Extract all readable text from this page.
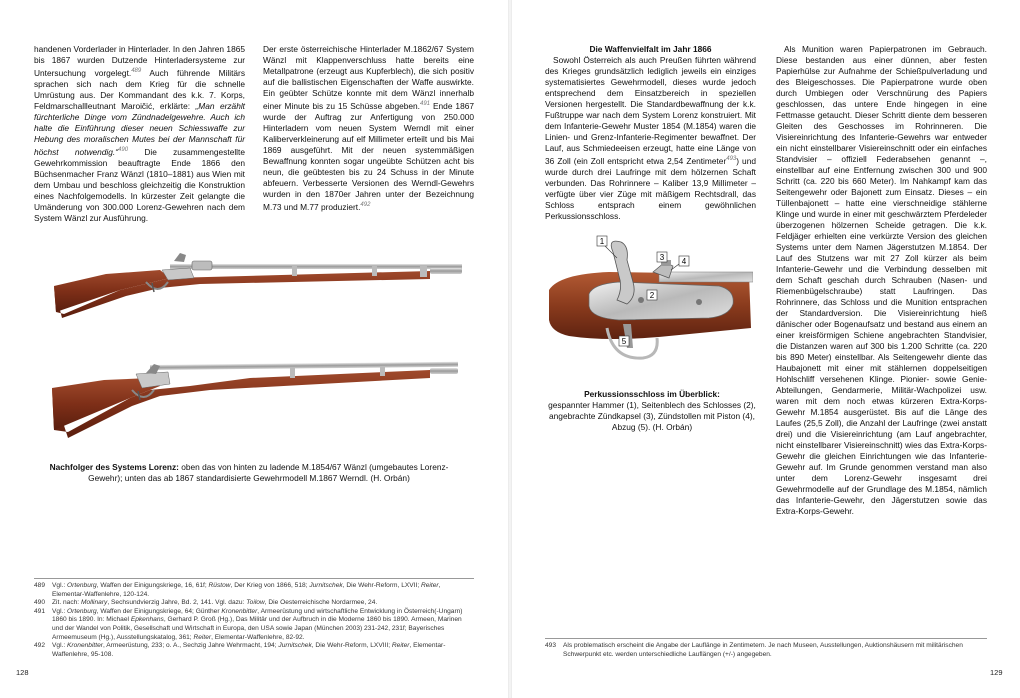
handenen Vorderlader in Hinterlader. In den Jahren 1865 bis 1867 wurden Dutzende Hinterladersysteme zur Untersuchung vorgelegt.$^{489}$ Auch führende Militärs sprachen sich nach dem Krieg für die schnelle Umrüstung aus. Der Kommandant des k.k. 7. Korps, Feldmarschallleutnant Maroičić, erklärte: „Man erzählt fürchterliche Dinge vom Zündnadelgewehre. Auch ich halte die Einführung dieser neuen Schiesswaffe zur Hebung des moralischen Mutes bei der Mannschaft für höchst notwendig.“$^{490}$ Die zusammengestellte Gewehrkommission beauftragte Ende 1866 den Büchsenmacher Franz Wänzl (1810–1881) aus Wien mit dem Umbau und beschloss gleichzeitig die Konstruktion eines Nachfolgemodells. In kürzester Zeit gelangte die Umänderung von 300.000 Lorenz-Gewehren nach dem System Wänzl zur Ausführung.

Der erste österreichische Hinterlader M.1862/67 System Wänzl mit Klappenverschluss hatte bereits eine Metallpatrone (erzeugt aus Kupferblech), die sich positiv auf die ballistischen Eigenschaften der Waffe auswirkte. Ein geübter Schütze konnte mit dem Wänzl innerhalb einer Minute bis zu 15 Schüsse abgeben.$^{491}$ Ende 1867 wurde der Auftrag zur Anfertigung von 250.000 Hinterladern vom neuen System Werndl mit einer Kaliberverkleinerung auf elf Millimeter erteilt und bis Mai 1869 ausgeführt. Mit der neuen systemmäßigen Bewaffnung konnten sogar ungeübte Schützen acht bis neun, die geübtesten bis zu 24 Schuss in der Minute abfeuern. Verbesserte Versionen des Werndl-Gewehrs wurden in den 1870er Jahren unter der Bezeichnung M.73 und M.77 produziert.$^{492}$

Nachfolger des Systems Lorenz: oben das von hinten zu ladende M.1854/67 Wänzl (umgebautes Lorenz-Gewehr); unten das ab 1867 standardisierte Gewehrmodell M.1867 Werndl. (H. Orbán)
489 Vgl.: Ortenburg, Waffen der Einigungskriege, 16, 61f; Rüstow, Der Krieg von 1866, 518; Jurnitschek, Die Wehr-Reform, LXVII; Reiter, Elementar-Waffenlehre, 120-124.
490 Zit. nach: Mollinary, Sechsundvierzig Jahre, Bd. 2, 141. Vgl. dazu: Toilow, Die Oesterreichische Nordarmee, 24.
491 Vgl.: Ortenburg, Waffen der Einigungskriege, 64; Günther Kronenbitter, Armeerüstung und wirtschaftliche Entwicklung in Österreich(-Ungarn) 1860 bis 1890. In: Michael Epkenhans, Gerhard P. Groß (Hg.), Das Militär und der Aufbruch in die Moderne 1860 bis 1890. Armeen, Marinen und der Wandel von Politik, Gesellschaft und Wirtschaft in Europa, den USA sowie Japan (München 2003) 231-242, 231f; Bayerisches Armeemuseum (Hg.), Ausstellungskatalog, 361; Reiter, Elementar-Waffenlehre, 82-92.
492 Vgl.: Kronenbitter, Armeerüstung, 233; o. A., Sechzig Jahre Wehrmacht, 194; Jurnitschek, Die Wehr-Reform, LXVIII; Reiter, Elementar-Waffenlehre, 95-108.
128
Die Waffenvielfalt im Jahr 1866

Sowohl Österreich als auch Preußen führten während des Krieges grundsätzlich lediglich jeweils ein einziges systematisiertes Gewehrmodell, dieses wurde jedoch entsprechend dem Einsatzbereich in speziellen Versionen hergestellt. Die Standardbewaffnung der k.k. Fußtruppe war nach dem System Lorenz konstruiert. Mit dem Infanterie-Gewehr Muster 1854 (M.1854) waren die Linien- und Grenz-Infanterie-Regimenter bewaffnet. Der Lauf, aus Schmiedeeisen erzeugt, hatte eine Länge von 36 Zoll (ein Zoll entspricht etwa 2,54 Zentimeter$^{493}$) und wurde durch drei Laufringe mit dem hölzernen Schaft verbunden. Das Rohrinnere – Kaliber 13,9 Millimeter – verfügte über vier Züge mit mäßigem Rechtsdrall, das Schloss entsprach einem gewöhnlichen Perkussionsschloss.

1
2
3 4
5
Perkussionsschloss im Überblick:
gespannter Hammer (1), Seitenblech des Schlosses (2), angebrachte Zündkapsel (3), Zündstollen mit Piston (4), Abzug (5). (H. Orbán)

Als Munition waren Papierpatronen im Gebrauch. Diese bestanden aus einer dünnen, aber festen Papierhülse zur Aufnahme der Schießpulverladung und des Bleigeschosses. Die Papierpatrone wurde oben durch Umbiegen oder Verschnürung des Papiers geschlossen, das untere Ende hingegen in eine Fettmasse getaucht. Dieser Schritt diente dem besseren Gleiten des Geschosses im Rohrinneren. Die Visiereinrichtung des Infanterie-Gewehrs war entweder ein nicht einstellbarer Visiereinschnitt oder ein einfaches Standvisier – offiziell Federabsehen genannt –, einstellbar auf eine Entfernung zwischen 300 und 900 Schritt (ca. 220 bis 660 Meter). Im Nahkampf kam das Seitengewehr oder Bajonett zum Einsatz. Dieses – ein Tüllenbajonett – hatte eine vierschneidige stählerne Klinge und wurde in einer mit geschwärztem Pferdeleder überzogenen hölzernen Scheide getragen. Die k.k. Feldjäger erhielten eine verkürzte Version des gleichen Systems unter dem Namen Jägerstutzen M.1854. Der Lauf des Stutzens war mit 27 Zoll kürzer als beim Infanterie-Gewehr und die Verbindung desselben mit dem Schaft geschah durch Schrauben (Nasen- und Riemenbügelschraube) statt Laufringen. Das Rohrinnere, das Schloss und die Munition entsprachen der Standardversion. Die Visiereinrichtung hieß dänischer oder Bogenaufsatz und bestand aus einem an einer kreisförmigen Schiene angebrachten Standvisier, die Distanzen waren auf 300 bis 1.200 Schritte (ca. 220 bis 890 Meter) einstellbar. Als Seitengewehr diente das Haubajonett mit einer mit stählernen doppelseitigen Hohlschliff versehenen Klinge. Pionier- sowie Genie-Abteilungen, Gendarmerie, Militär-Wachpolizei usw. waren mit dem noch etwas kürzeren Extra-Korps-Gewehr M.1854 ausgerüstet. Bis auf die Länge des Laufes (25,5 Zoll), die Anzahl der Laufringe (zwei anstatt drei) und die Visiereinrichtung (am Lauf angebrachter, nicht einstellbarer Visiereinschnitt) wies das Extra-Korps-Gewehr die gleichen Einrichtungen wie das Infanterie-Gewehr auf. Im Grunde genommen verstand man also unter dem Lorenz-Gewehr insgesamt drei Gewehrmodelle auf der Grundlage des M.1854, nämlich das Infanterie-Gewehr, den Jägerstutzen sowie das Extra-Korps-Gewehr.

493 Als problematisch erscheint die Angabe der Lauflänge in Zentimetern. Je nach Museen, Ausstellungen, Auktionshäusern mit militärischen Schwerpunkt etc. werden unterschiedliche Lauflängen (+/-) angegeben.
129
